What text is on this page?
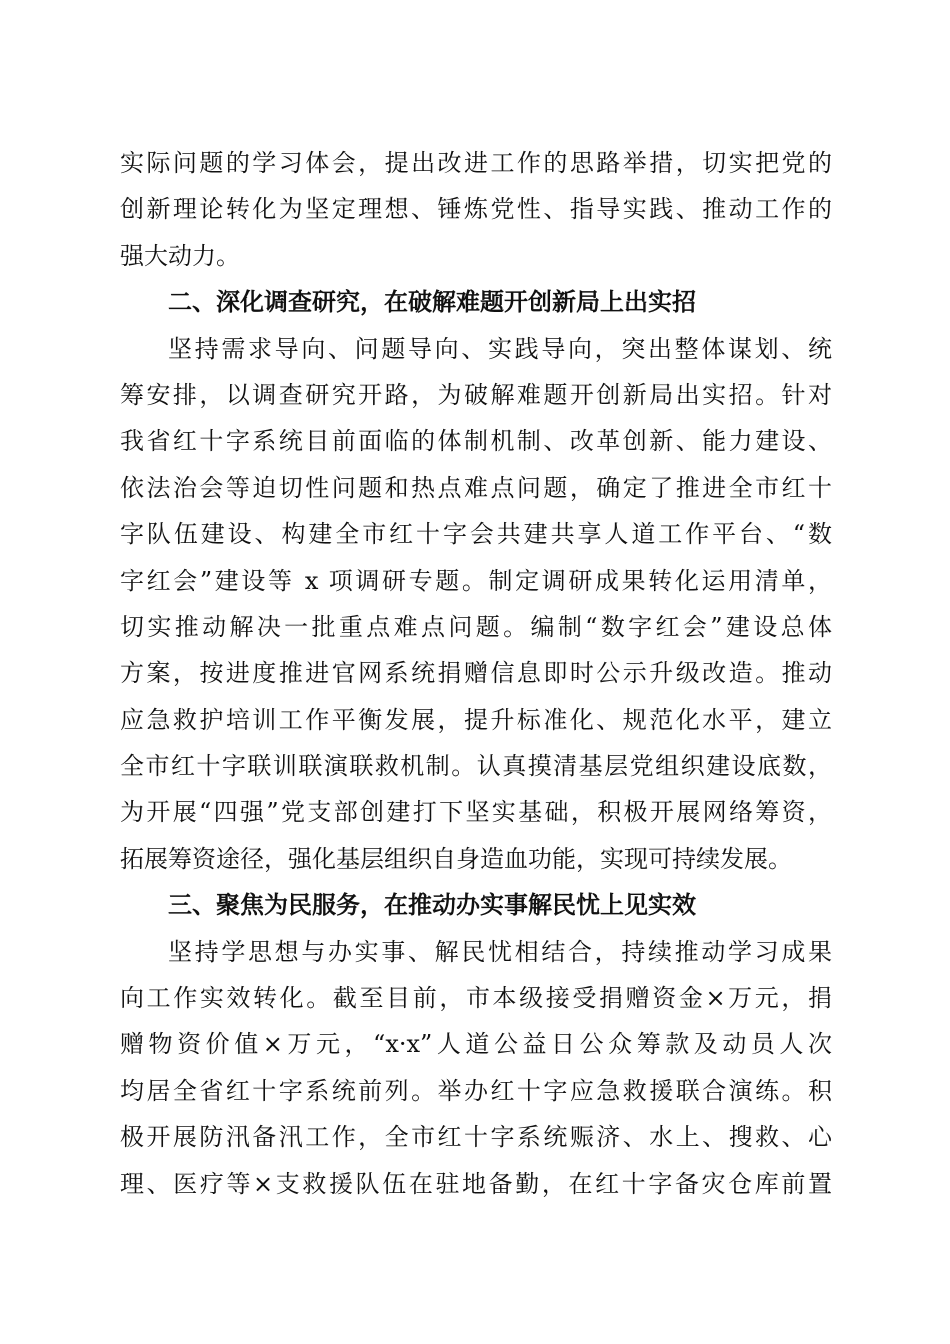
实际问题的学习体会，提出改进工作的思路举措，切实把党的
创新理论转化为坚定理想、锤炼党性、指导实践、推动工作的
强大动力。
二、深化调查研究，在破解难题开创新局上出实招
坚持需求导向、问题导向、实践导向，突出整体谋划、统
筹安排，以调查研究开路，为破解难题开创新局出实招。针对
我省红十字系统目前面临的体制机制、改革创新、能力建设、
依法治会等迫切性问题和热点难点问题，确定了推进全市红十
字队伍建设、构建全市红十字会共建共享人道工作平台、“数
字红会”建设等 x 项调研专题。制定调研成果转化运用清单，
切实推动解决一批重点难点问题。编制“数字红会”建设总体
方案，按进度推进官网系统捐赠信息即时公示升级改造。推动
应急救护培训工作平衡发展，提升标准化、规范化水平，建立
全市红十字联训联演联救机制。认真摸清基层党组织建设底数，
为开展“四强”党支部创建打下坚实基础，积极开展网络筹资，
拓展筹资途径，强化基层组织自身造血功能，实现可持续发展。
三、聚焦为民服务，在推动办实事解民忧上见实效
坚持学思想与办实事、解民忧相结合，持续推动学习成果
向工作实效转化。截至目前，市本级接受捐赠资金×万元，捐
赠物资价值×万元，“x·x”人道公益日公众筹款及动员人次
均居全省红十字系统前列。举办红十字应急救援联合演练。积
极开展防汛备汛工作，全市红十字系统赈济、水上、搜救、心
理、医疗等×支救援队伍在驻地备勤，在红十字备灾仓库前置
